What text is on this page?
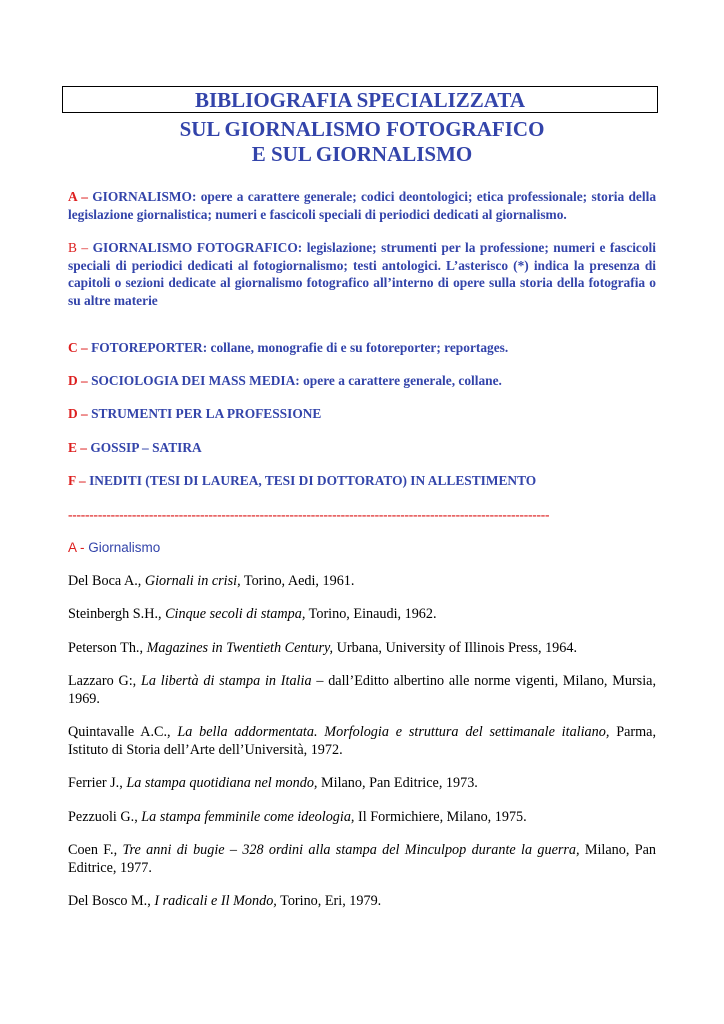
BIBLIOGRAFIA SPECIALIZZATA
SUL GIORNALISMO FOTOGRAFICO
E SUL GIORNALISMO
A – GIORNALISMO: opere a carattere generale; codici deontologici; etica professionale; storia della legislazione giornalistica; numeri e fascicoli speciali di periodici dedicati al giornalismo.
B – GIORNALISMO FOTOGRAFICO: legislazione; strumenti per la professione; numeri e fascicoli speciali di periodici dedicati al fotogiornalismo; testi antologici. L’asterisco (*) indica la presenza di capitoli o sezioni dedicate al giornalismo fotografico all’interno di opere sulla storia della fotografia o su altre materie
C – FOTOREPORTER: collane, monografie di e su fotoreporter; reportages.
D – SOCIOLOGIA DEI MASS MEDIA: opere a carattere generale, collane.
D – STRUMENTI PER LA PROFESSIONE
E – GOSSIP – SATIRA
F – INEDITI (TESI DI LAUREA, TESI DI DOTTORATO) IN ALLESTIMENTO
-----------------------------------------------------------------------------------------------------------------
A - Giornalismo
Del Boca A., Giornali in crisi, Torino, Aedi, 1961.
Steinbergh S.H., Cinque secoli di stampa, Torino, Einaudi, 1962.
Peterson Th., Magazines in Twentieth Century, Urbana, University of Illinois Press, 1964.
Lazzaro G:, La libertà di stampa in Italia – dall’Editto albertino alle norme vigenti, Milano, Mursia, 1969.
Quintavalle A.C., La bella addormentata. Morfologia e struttura del settimanale italiano, Parma, Istituto di Storia dell’Arte dell’Università, 1972.
Ferrier J., La stampa quotidiana nel mondo, Milano, Pan Editrice, 1973.
Pezzuoli G., La stampa femminile come ideologia, Il Formichiere, Milano, 1975.
Coen F., Tre anni di bugie – 328 ordini alla stampa del Minculpop durante la guerra, Milano, Pan Editrice, 1977.
Del Bosco M., I radicali e Il Mondo, Torino, Eri, 1979.
